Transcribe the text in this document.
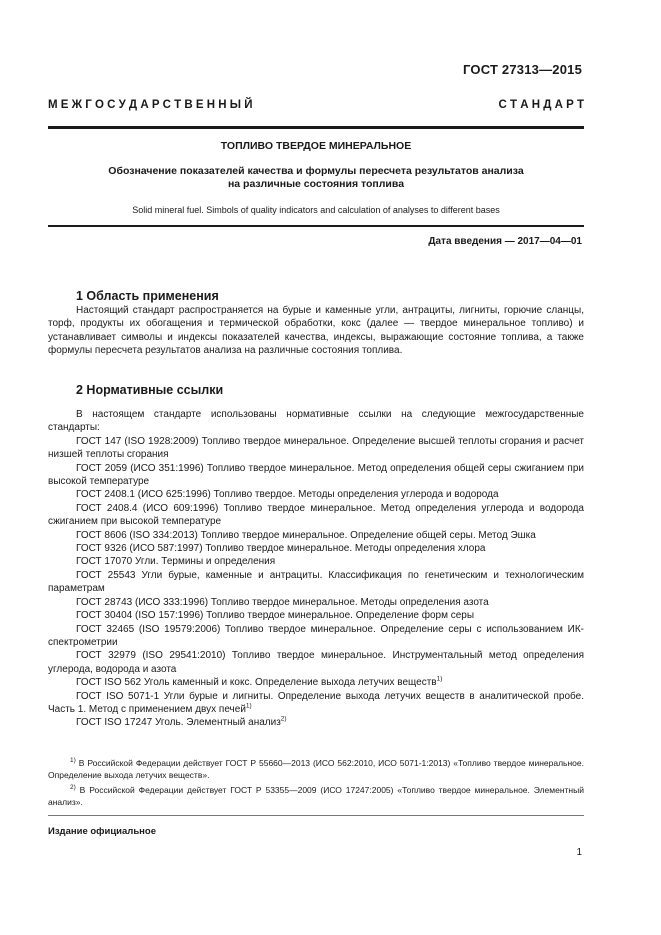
ГОСТ 27313—2015
М Е Ж Г О С У Д А Р С Т В Е Н Н Ы Й	С Т А Н Д А Р Т
ТОПЛИВО ТВЕРДОЕ МИНЕРАЛЬНОЕ
Обозначение показателей качества и формулы пересчета результатов анализа
на различные состояния топлива
Solid mineral fuel. Simbols of quality indicators and calculation of analyses to different bases
Дата введения — 2017—04—01
1 Область применения

Настоящий стандарт распространяется на бурые и каменные угли, антрациты, лигниты, горючие сланцы, торф, продукты их обогащения и термической обработки, кокс (далее — твердое минеральное топливо) и устанавливает символы и индексы показателей качества, индексы, выражающие состояние топлива, а также формулы пересчета результатов анализа на различные состояния топлива.

2 Нормативные ссылки

В настоящем стандарте использованы нормативные ссылки на следующие межгосударственные стандарты:

ГОСТ 147 (ISO 1928:2009) Топливо твердое минеральное. Определение высшей теплоты сгорания и расчет низшей теплоты сгорания

ГОСТ 2059 (ИСО 351:1996) Топливо твердое минеральное. Метод определения общей серы сжиганием при высокой температуре

ГОСТ 2408.1 (ИСО 625:1996) Топливо твердое. Методы определения углерода и водорода

ГОСТ 2408.4 (ИСО 609:1996) Топливо твердое минеральное. Метод определения углерода и водорода сжиганием при высокой температуре

ГОСТ 8606 (ISO 334:2013) Топливо твердое минеральное. Определение общей серы. Метод Эшка

ГОСТ 9326 (ИСО 587:1997) Топливо твердое минеральное. Методы определения хлора

ГОСТ 17070 Угли. Термины и определения

ГОСТ 25543 Угли бурые, каменные и антрациты. Классификация по генетическим и технологическим параметрам

ГОСТ 28743 (ИСО 333:1996) Топливо твердое минеральное. Методы определения азота

ГОСТ 30404 (ISO 157:1996) Топливо твердое минеральное. Определение форм серы

ГОСТ 32465 (ISO 19579:2006) Топливо твердое минеральное. Определение серы с использованием ИК-спектрометрии

ГОСТ 32979 (ISO 29541:2010) Топливо твердое минеральное. Инструментальный метод определения углерода, водорода и азота

ГОСТ ISO 562 Уголь каменный и кокс. Определение выхода летучих веществ$^{1)}$

ГОСТ ISO 5071-1 Угли бурые и лигниты. Определение выхода летучих веществ в аналитической пробе. Часть 1. Метод с применением двух печей$^{1)}$

ГОСТ ISO 17247 Уголь. Элементный анализ$^{2)}$

$^{1)}$ В Российской Федерации действует ГОСТ Р 55660—2013 (ИСО 562:2010, ИСО 5071-1:2013) «Топливо твердое минеральное. Определение выхода летучих веществ».

$^{2)}$ В Российской Федерации действует ГОСТ Р 53355—2009 (ИСО 17247:2005) «Топливо твердое минеральное. Элементный анализ».

Издание официальное
1
